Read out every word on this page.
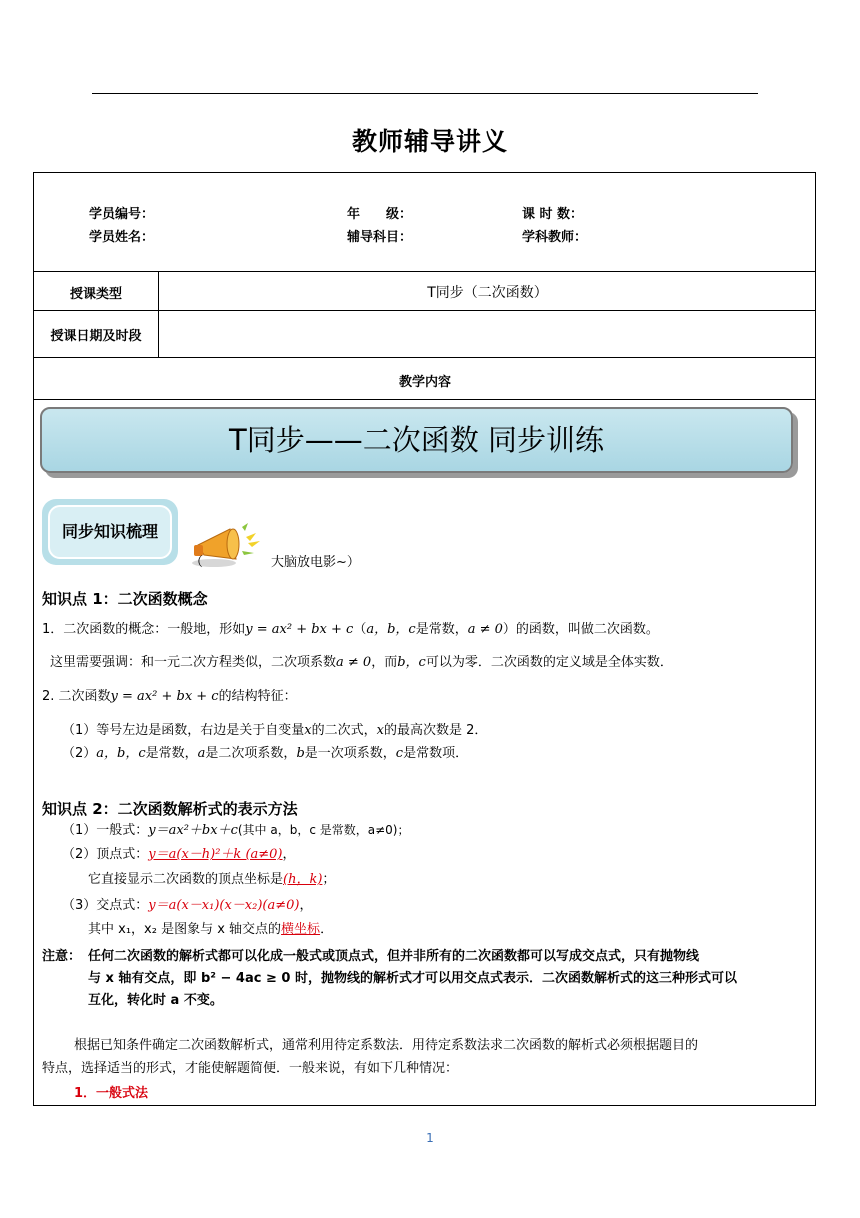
教师辅导讲义
学员编号：	年　　级：	课 时 数：
学员姓名：	辅导科目：	学科教师：
授课类型	T同步（二次函数）
授课日期及时段
教学内容
T同步——二次函数 同步训练
同步知识梳理
（	大脑放电影~）
知识点 1：二次函数概念
1．二次函数的概念：一般地，形如y = ax² + bx + c（a，b，c是常数，a ≠ 0）的函数，叫做二次函数。
这里需要强调：和一元二次方程类似，二次项系数a ≠ 0，而b，c可以为零．二次函数的定义域是全体实数．
2. 二次函数y = ax² + bx + c的结构特征：
（1）等号左边是函数，右边是关于自变量x的二次式，x的最高次数是 2．
（2）a，b，c是常数，a是二次项系数，b是一次项系数，c是常数项．
知识点 2：二次函数解析式的表示方法
（1）一般式：y＝ax²＋bx＋c(其中 a，b，c 是常数，a≠0)；
（2）顶点式：y＝a(x－h)²＋k (a≠0)，
它直接显示二次函数的顶点坐标是(h，k)；
（3）交点式：y＝a(x－x₁)(x－x₂)(a≠0)，
其中 x₁，x₂ 是图象与 x 轴交点的横坐标．
注意： 任何二次函数的解析式都可以化成一般式或顶点式，但并非所有的二次函数都可以写成交点式，只有抛物线
与 x 轴有交点，即 b² − 4ac ≥ 0 时，抛物线的解析式才可以用交点式表示．二次函数解析式的这三种形式可以
互化，转化时 a 不变。
根据已知条件确定二次函数解析式，通常利用待定系数法．用待定系数法求二次函数的解析式必须根据题目的
特点，选择适当的形式，才能使解题简便．一般来说，有如下几种情况：
1．一般式法
1
